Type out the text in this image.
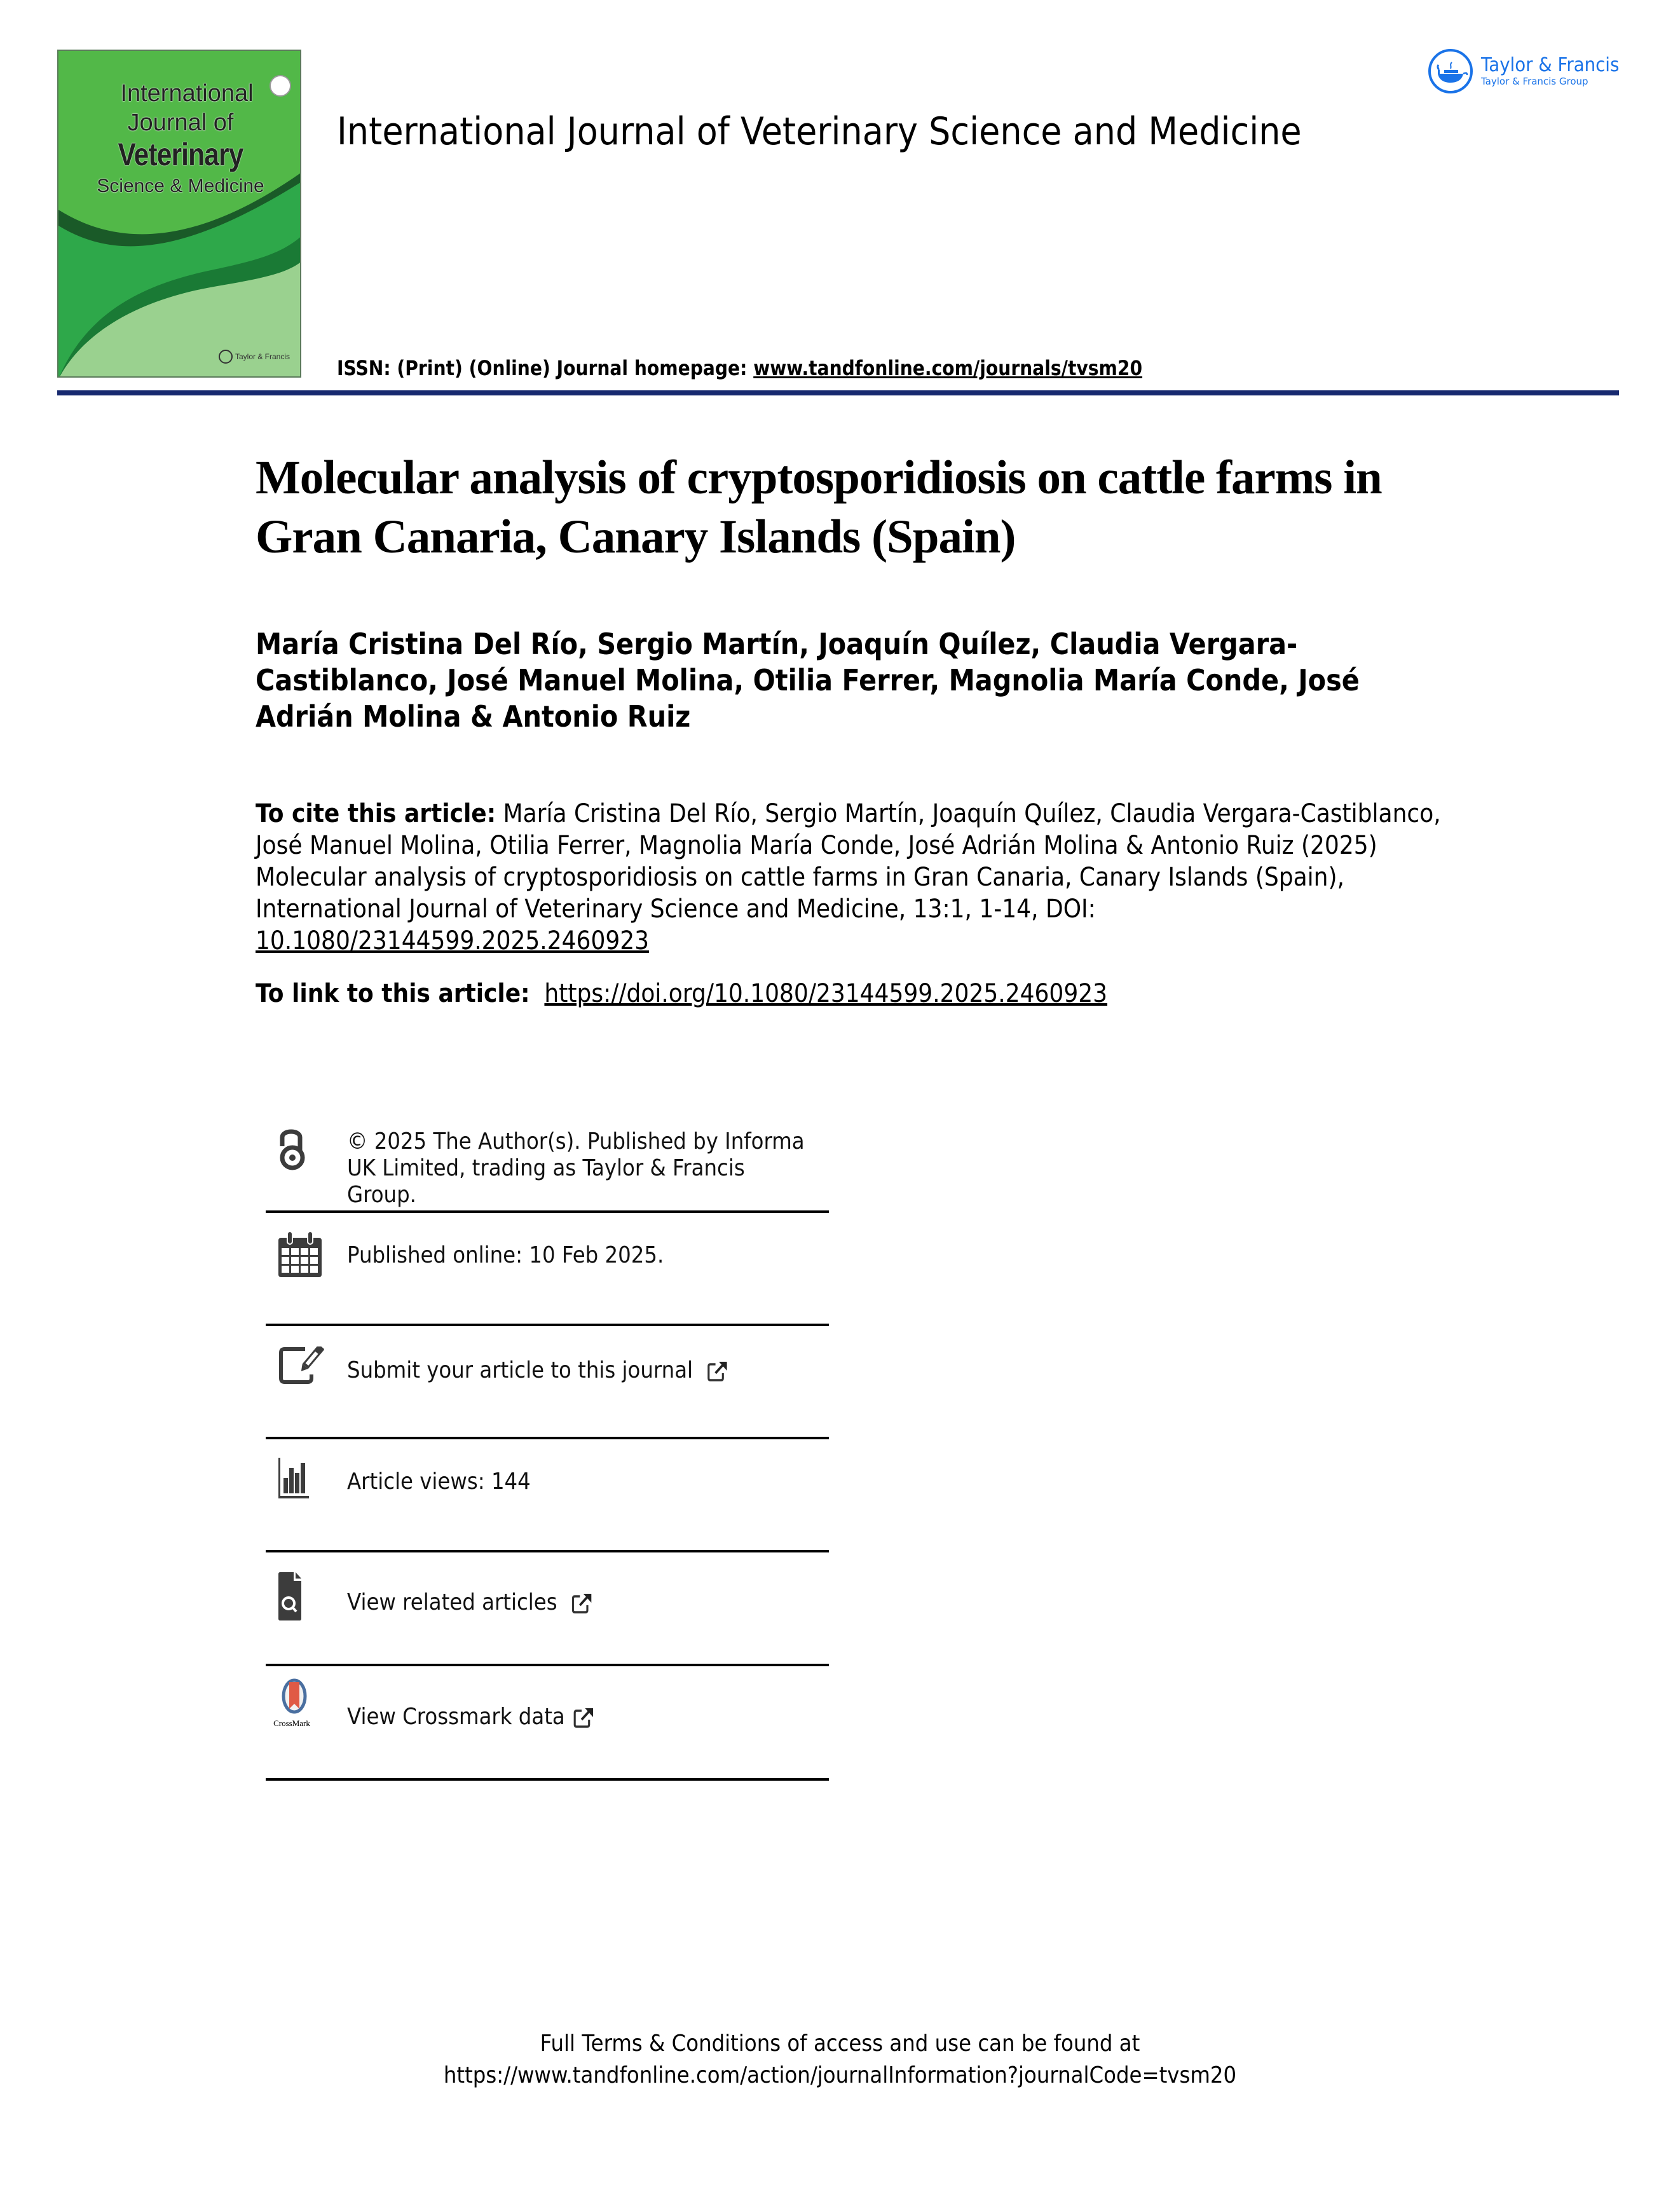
International
Journal of
Veterinary
Science & Medicine
Taylor & Francis
International Journal of Veterinary Science and Medicine
Taylor & Francis
Taylor & Francis Group
ISSN: (Print) (Online) Journal homepage: www.tandfonline.com/journals/tvsm20
Molecular analysis of cryptosporidiosis on cattle farms in Gran Canaria, Canary Islands (Spain)
María Cristina Del Río, Sergio Martín, Joaquín Quílez, Claudia Vergara-Castiblanco, José Manuel Molina, Otilia Ferrer, Magnolia María Conde, José Adrián Molina & Antonio Ruiz
To cite this article: María Cristina Del Río, Sergio Martín, Joaquín Quílez, Claudia Vergara-Castiblanco, José Manuel Molina, Otilia Ferrer, Magnolia María Conde, José Adrián Molina & Antonio Ruiz (2025) Molecular analysis of cryptosporidiosis on cattle farms in Gran Canaria, Canary Islands (Spain), International Journal of Veterinary Science and Medicine, 13:1, 1-14, DOI: 10.1080/23144599.2025.2460923
To link to this article: https://doi.org/10.1080/23144599.2025.2460923
© 2025 The Author(s). Published by Informa
UK Limited, trading as Taylor & Francis
Group.
Published online: 10 Feb 2025.
Submit your article to this journal
Article views: 144
View related articles
CrossMark View Crossmark data
Full Terms & Conditions of access and use can be found at
https://www.tandfonline.com/action/journalInformation?journalCode=tvsm20
